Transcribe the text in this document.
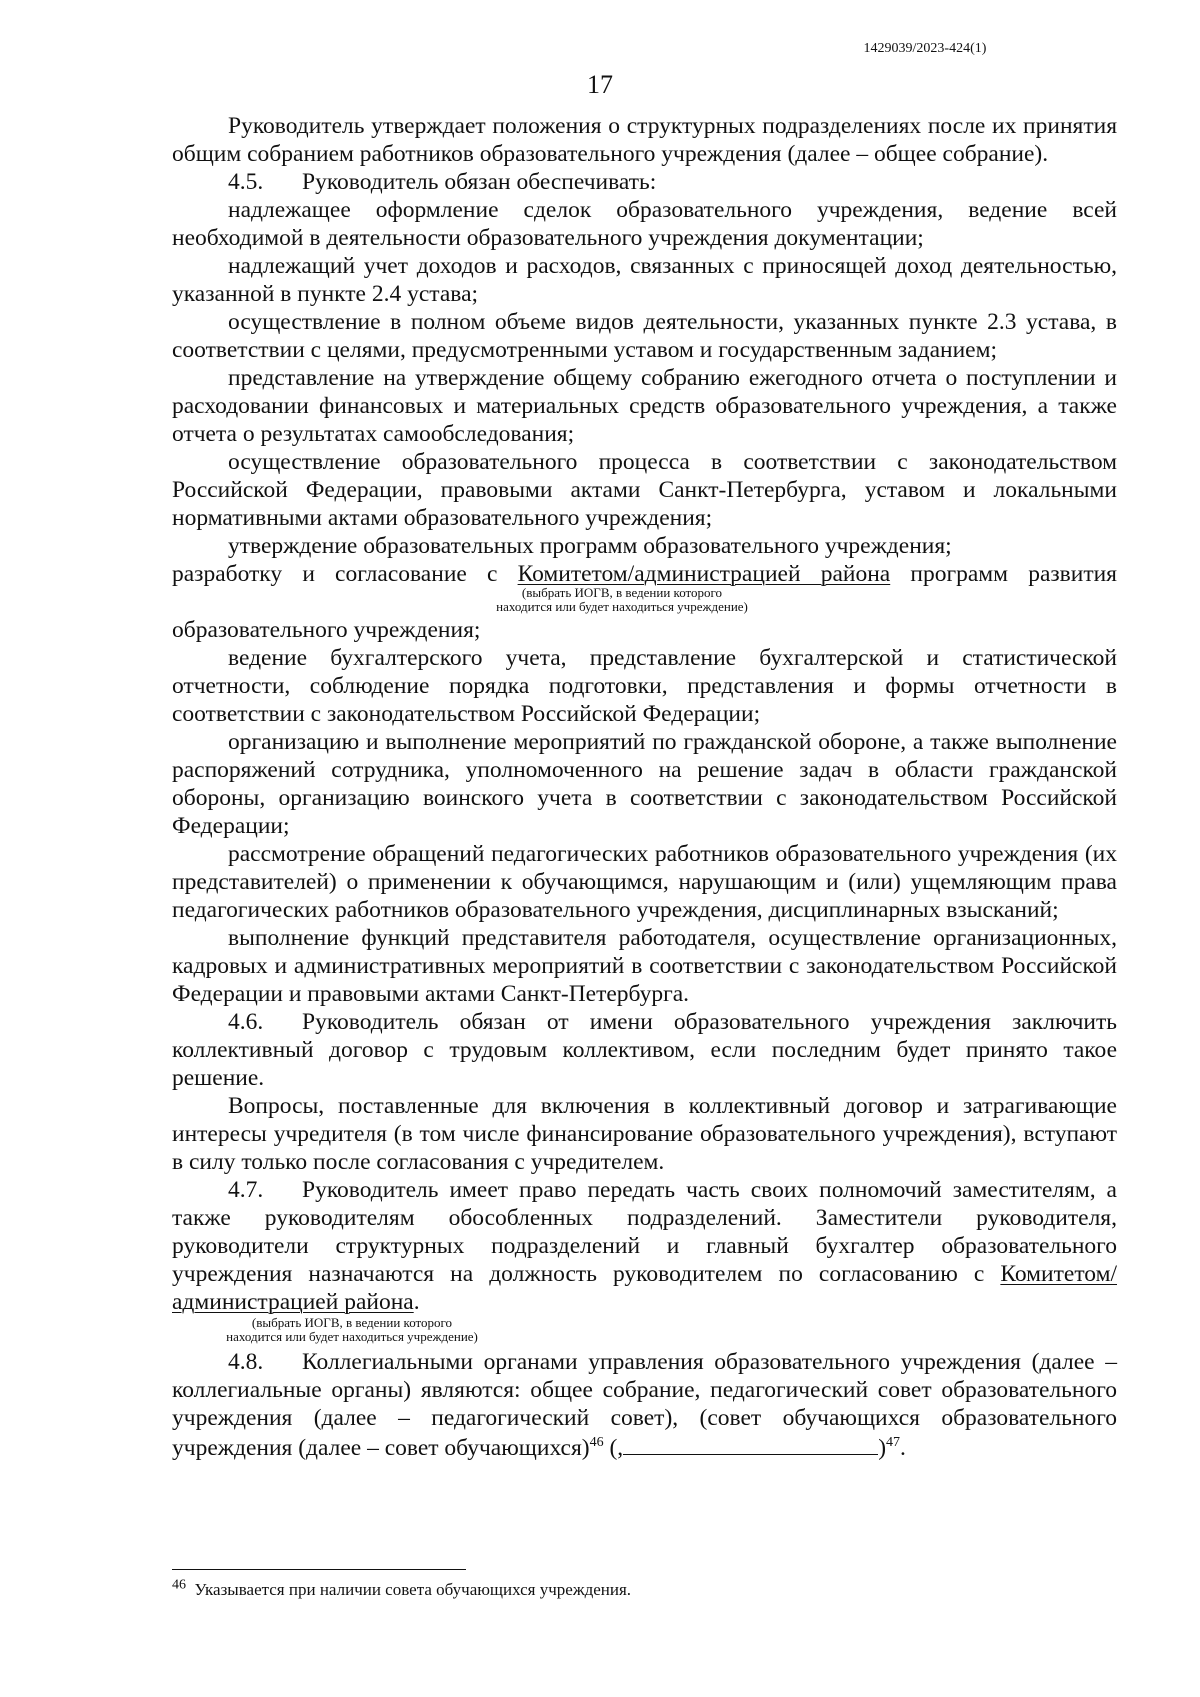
1429039/2023-424(1)
17

Руководитель утверждает положения о структурных подразделениях после их принятия общим собранием работников образовательного учреждения (далее – общее собрание).

4.5. Руководитель обязан обеспечивать:

надлежащее оформление сделок образовательного учреждения, ведение всей необходимой в деятельности образовательного учреждения документации;

надлежащий учет доходов и расходов, связанных с приносящей доход деятельностью, указанной в пункте 2.4 устава;

осуществление в полном объеме видов деятельности, указанных пункте 2.3 устава, в соответствии с целями, предусмотренными уставом и государственным заданием;

представление на утверждение общему собранию ежегодного отчета о поступлении и расходовании финансовых и материальных средств образовательного учреждения, а также отчета о результатах самообследования;

осуществление образовательного процесса в соответствии с законодательством Российской Федерации, правовыми актами Санкт-Петербурга, уставом и локальными нормативными актами образовательного учреждения;

утверждение образовательных программ образовательного учреждения;

разработку и согласование с Комитетом/администрацией района программ развития

(выбрать ИОГВ, в ведении которого
находится или будет находиться учреждение)

образовательного учреждения;

ведение бухгалтерского учета, представление бухгалтерской и статистической отчетности, соблюдение порядка подготовки, представления и формы отчетности в соответствии с законодательством Российской Федерации;

организацию и выполнение мероприятий по гражданской обороне, а также выполнение распоряжений сотрудника, уполномоченного на решение задач в области гражданской обороны, организацию воинского учета в соответствии с законодательством Российской Федерации;

рассмотрение обращений педагогических работников образовательного учреждения (их представителей) о применении к обучающимся, нарушающим и (или) ущемляющим права педагогических работников образовательного учреждения, дисциплинарных взысканий;

выполнение функций представителя работодателя, осуществление организационных, кадровых и административных мероприятий в соответствии с законодательством Российской Федерации и правовыми актами Санкт-Петербурга.

4.6. Руководитель обязан от имени образовательного учреждения заключить коллективный договор с трудовым коллективом, если последним будет принято такое решение.

Вопросы, поставленные для включения в коллективный договор и затрагивающие интересы учредителя (в том числе финансирование образовательного учреждения), вступают в силу только после согласования с учредителем.

4.7. Руководитель имеет право передать часть своих полномочий заместителям, а также руководителям обособленных подразделений. Заместители руководителя, руководители структурных подразделений и главный бухгалтер образовательного учреждения назначаются на должность руководителем по согласованию с Комитетом/администрацией района.

(выбрать ИОГВ, в ведении которого
находится или будет находиться учреждение)

4.8. Коллегиальными органами управления образовательного учреждения (далее – коллегиальные органы) являются: общее собрание, педагогический совет образовательного учреждения (далее – педагогический совет), (совет обучающихся образовательного учреждения (далее – совет обучающихся)$^{46}$ (,	)$^{47}$.

$^{46}$ Указывается при наличии совета обучающихся учреждения.
